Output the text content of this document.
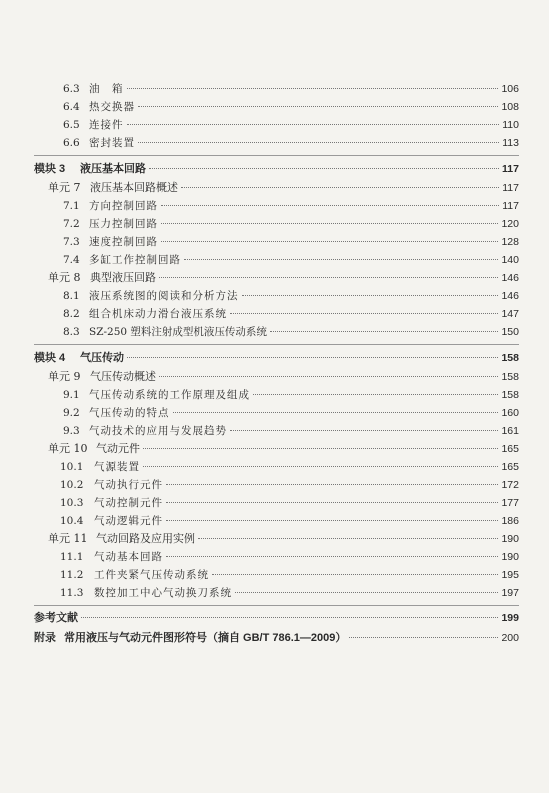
6.3 油　箱	106
6.4 热交换器	108
6.5 连接件	110
6.6 密封装置	113
模块 3	液压基本回路	117
单元 7 液压基本回路概述	117
7.1 方向控制回路	117
7.2 压力控制回路	120
7.3 速度控制回路	128
7.4 多缸工作控制回路	140
单元 8 典型液压回路	146
8.1 液压系统图的阅读和分析方法	146
8.2 组合机床动力滑台液压系统	147
8.3 SZ-250 塑料注射成型机液压传动系统	150
模块 4	气压传动	158
单元 9 气压传动概述	158
9.1 气压传动系统的工作原理及组成	158
9.2 气压传动的特点	160
9.3 气动技术的应用与发展趋势	161
单元 10 气动元件	165
10.1	气源装置	165
10.2	气动执行元件	172
10.3	气动控制元件	177
10.4	气动逻辑元件	186
单元 11 气动回路及应用实例	190
11.1	气动基本回路	190
11.2	工件夹紧气压传动系统	195
11.3	数控加工中心气动换刀系统	197
参考文献	199
附录 常用液压与气动元件图形符号（摘自 GB/T 786.1—2009）	200
